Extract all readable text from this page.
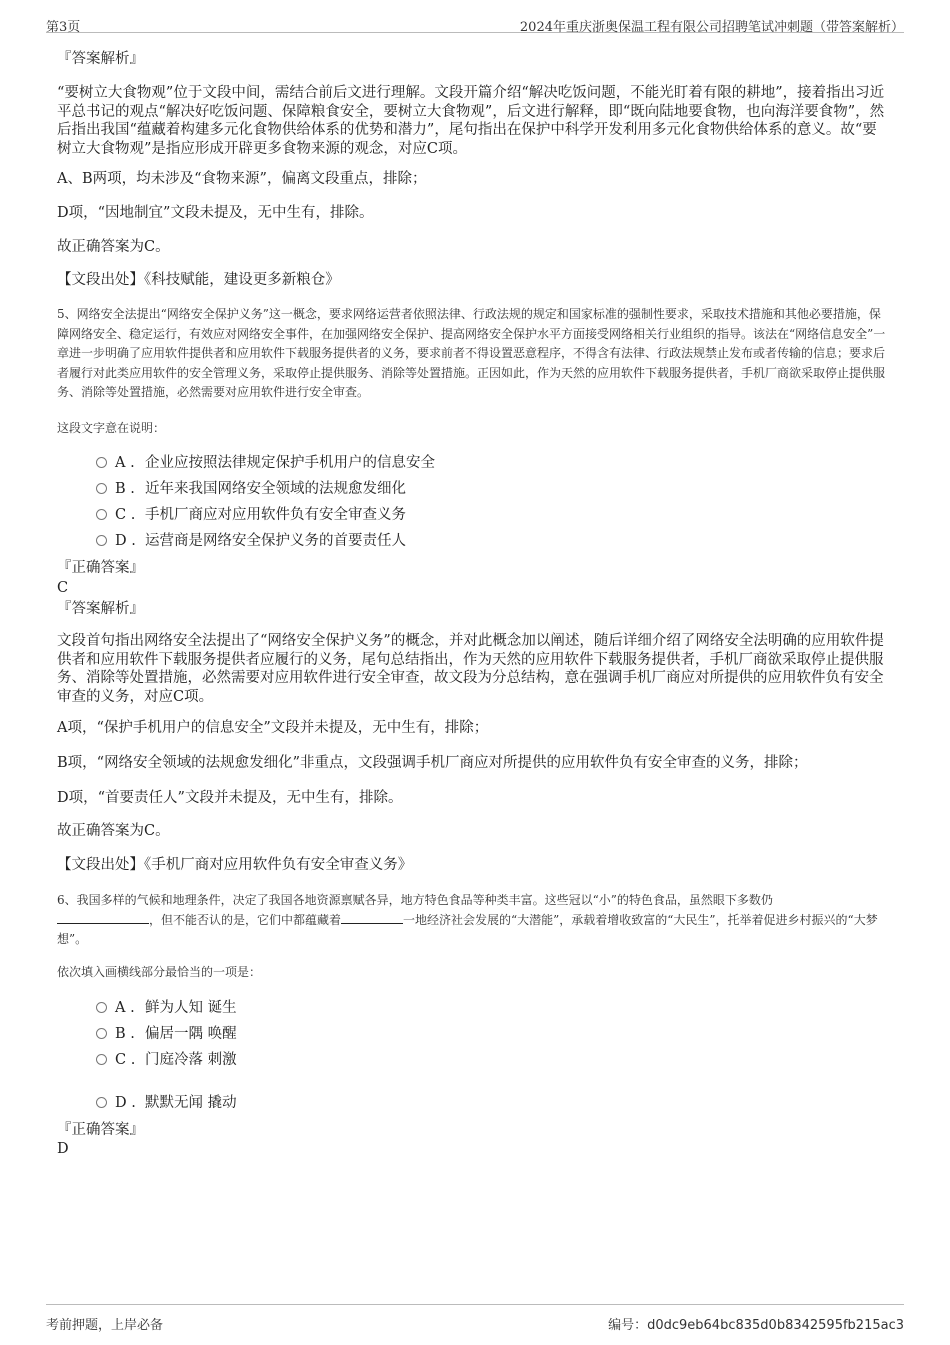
第3页	2024年重庆浙奥保温工程有限公司招聘笔试冲刺题（带答案解析）

『答案解析』

“要树立大食物观”位于文段中间，需结合前后文进行理解。文段开篇介绍“解决吃饭问题，不能光盯着有限的耕地”，接着指出习近平总书记的观点“解决好吃饭问题、保障粮食安全，要树立大食物观”，后文进行解释，即“既向陆地要食物，也向海洋要食物”，然后指出我国“蕴藏着构建多元化食物供给体系的优势和潜力”，尾句指出在保护中科学开发利用多元化食物供给体系的意义。故“要树立大食物观”是指应形成开辟更多食物来源的观念，对应C项。

A、B两项，均未涉及“食物来源”，偏离文段重点，排除；

D项，“因地制宜”文段未提及，无中生有，排除。

故正确答案为C。

【文段出处】《科技赋能，建设更多新粮仓》

5、网络安全法提出“网络安全保护义务”这一概念，要求网络运营者依照法律、行政法规的规定和国家标准的强制性要求，采取技术措施和其他必要措施，保障网络安全、稳定运行，有效应对网络安全事件，在加强网络安全保护、提高网络安全保护水平方面接受网络相关行业组织的指导。该法在“网络信息安全”一章进一步明确了应用软件提供者和应用软件下载服务提供者的义务，要求前者不得设置恶意程序，不得含有法律、行政法规禁止发布或者传输的信息；要求后者履行对此类应用软件的安全管理义务，采取停止提供服务、消除等处置措施。正因如此，作为天然的应用软件下载服务提供者，手机厂商欲采取停止提供服务、消除等处置措施，必然需要对应用软件进行安全审查。

这段文字意在说明：

A . 企业应按照法律规定保护手机用户的信息安全
B . 近年来我国网络安全领域的法规愈发细化
C . 手机厂商应对应用软件负有安全审查义务
D . 运营商是网络安全保护义务的首要责任人

『正确答案』

C

『答案解析』

文段首句指出网络安全法提出了“网络安全保护义务”的概念，并对此概念加以阐述，随后详细介绍了网络安全法明确的应用软件提供者和应用软件下载服务提供者应履行的义务，尾句总结指出，作为天然的应用软件下载服务提供者，手机厂商欲采取停止提供服务、消除等处置措施，必然需要对应用软件进行安全审查，故文段为分总结构，意在强调手机厂商应对所提供的应用软件负有安全审查的义务，对应C项。

A项，“保护手机用户的信息安全”文段并未提及，无中生有，排除；

B项，“网络安全领域的法规愈发细化”非重点，文段强调手机厂商应对所提供的应用软件负有安全审查的义务，排除；

D项，“首要责任人”文段并未提及，无中生有，排除。

故正确答案为C。

【文段出处】《手机厂商对应用软件负有安全审查义务》

6、我国多样的气候和地理条件，决定了我国各地资源禀赋各异，地方特色食品等种类丰富。这些冠以“小”的特色食品，虽然眼下多数仍
，但不能否认的是，它们中都蕴藏着	一地经济社会发展的“大潜能”，承载着增收致富的“大民生”，托举着促进乡村振兴的“大梦想”。

依次填入画横线部分最恰当的一项是：

A . 鲜为人知 诞生
B . 偏居一隅 唤醒
C . 门庭冷落 刺激
D . 默默无闻 撬动

『正确答案』

D

考前押题，上岸必备	编号：d0dc9eb64bc835d0b8342595fb215ac3
